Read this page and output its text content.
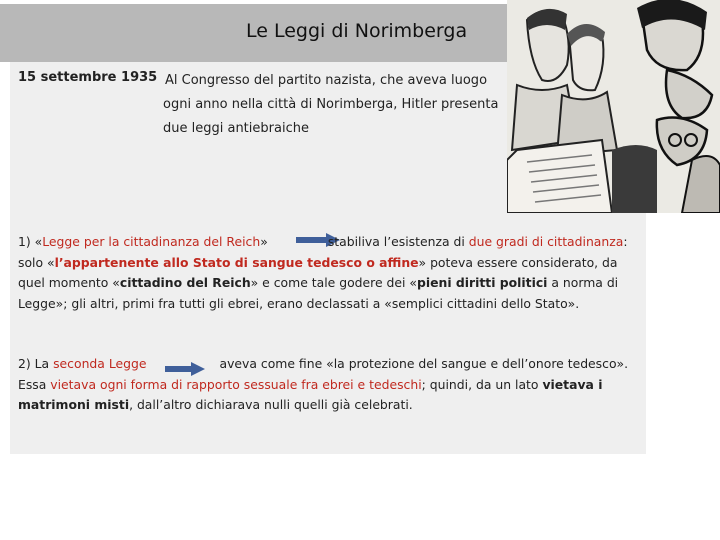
Le Leggi di Norimberga
15 settembre 1935 Al Congresso del partito nazista, che aveva luogo
ogni anno nella città di Norimberga, Hitler presenta
due leggi antiebraiche
1) «Legge per la cittadinanza del Reich»	stabiliva l’esistenza di due gradi di cittadinanza: solo «l’appartenente allo Stato di sangue tedesco o affine» poteva essere considerato, da quel momento «cittadino del Reich» e come tale godere dei «pieni diritti politici a norma di Legge»; gli altri, primi fra tutti gli ebrei, erano declassati a «semplici cittadini dello Stato».
2) La seconda Legge	aveva come fine «la protezione del sangue e dell’onore tedesco».
Essa vietava ogni forma di rapporto sessuale fra ebrei e tedeschi; quindi, da un lato vietava i matrimoni misti, dall’altro dichiarava nulli quelli già celebrati.
